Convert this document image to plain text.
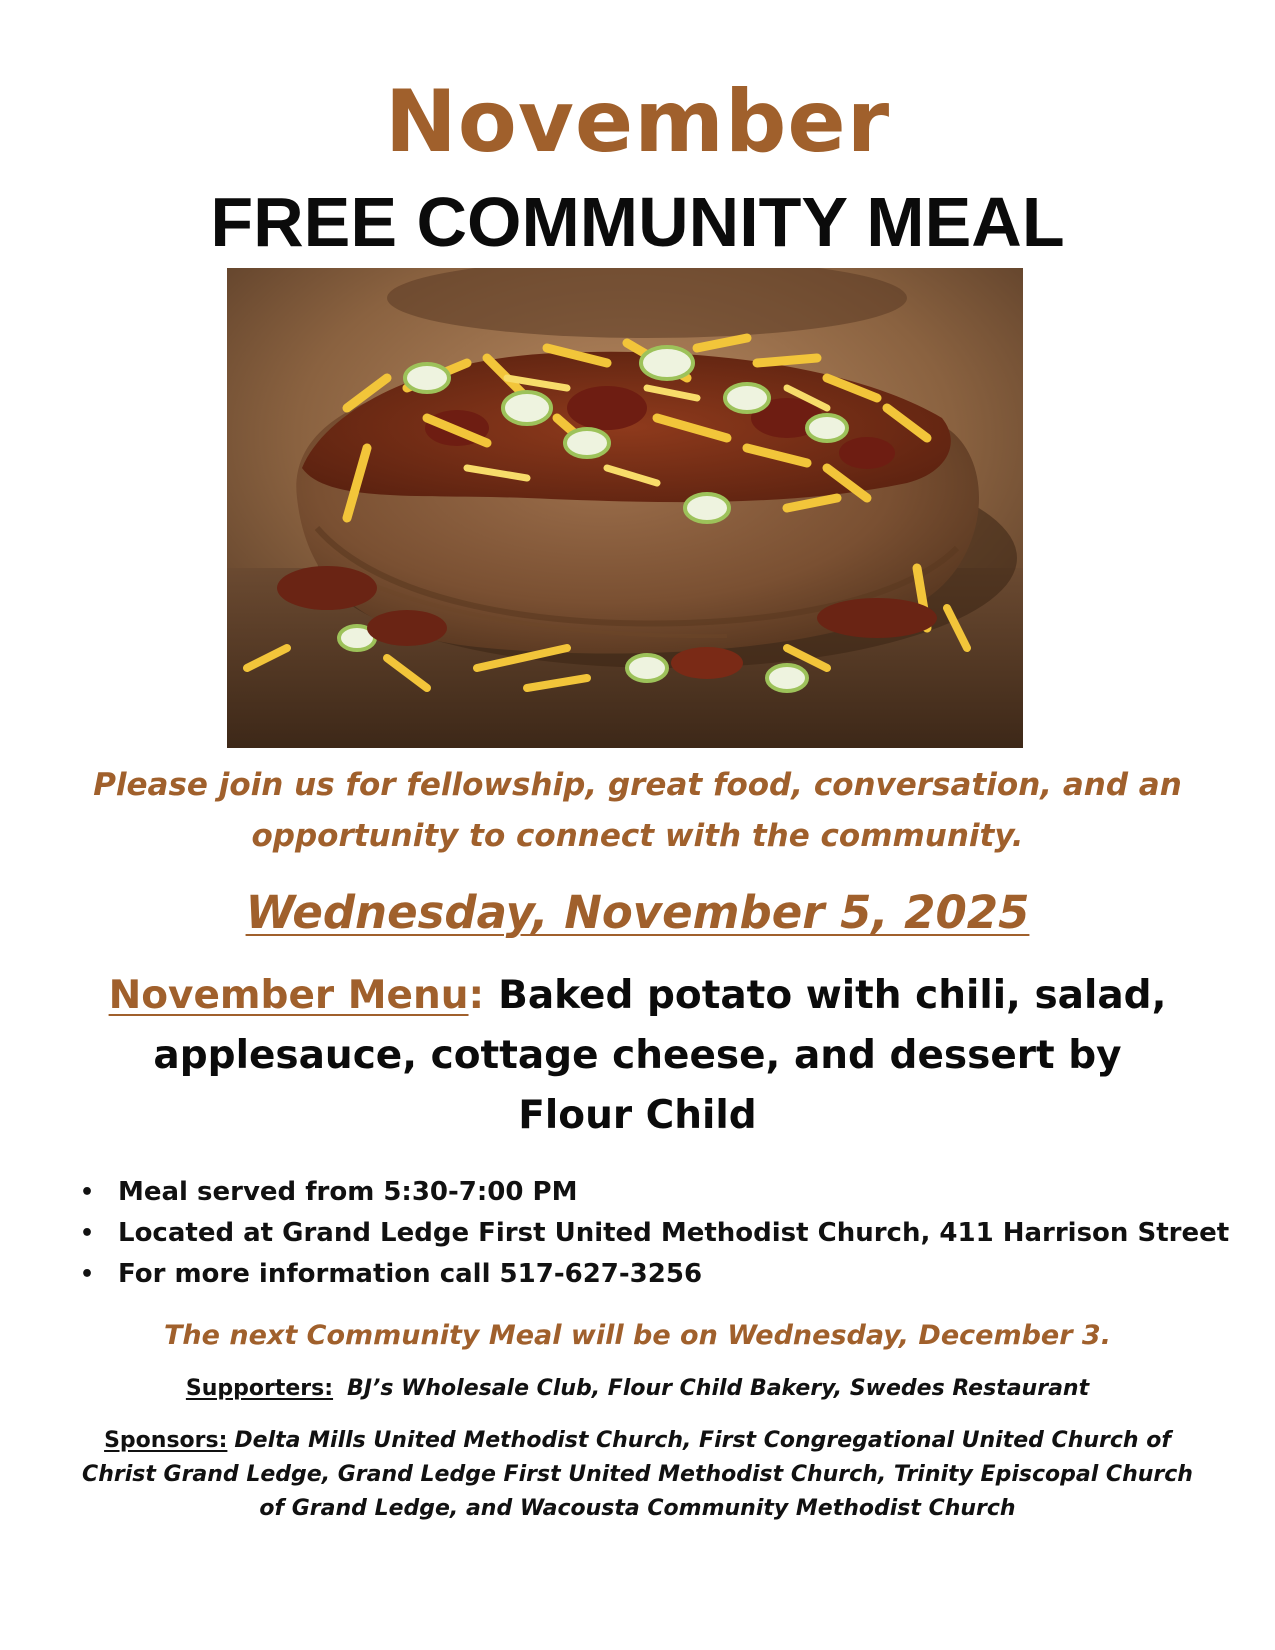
November
FREE COMMUNITY MEAL
Please join us for fellowship, great food, conversation, and an
opportunity to connect with the community.
Wednesday, November 5, 2025
November Menu: Baked potato with chili, salad, applesauce, cottage cheese, and dessert by Flour Child
• Meal served from 5:30-7:00 PM
• Located at Grand Ledge First United Methodist Church, 411 Harrison Street
• For more information call 517-627-3256
The next Community Meal will be on Wednesday, December 3.
Supporters: BJ’s Wholesale Club, Flour Child Bakery, Swedes Restaurant
Sponsors: Delta Mills United Methodist Church, First Congregational United Church of Christ Grand Ledge, Grand Ledge First United Methodist Church, Trinity Episcopal Church of Grand Ledge, and Wacousta Community Methodist Church
